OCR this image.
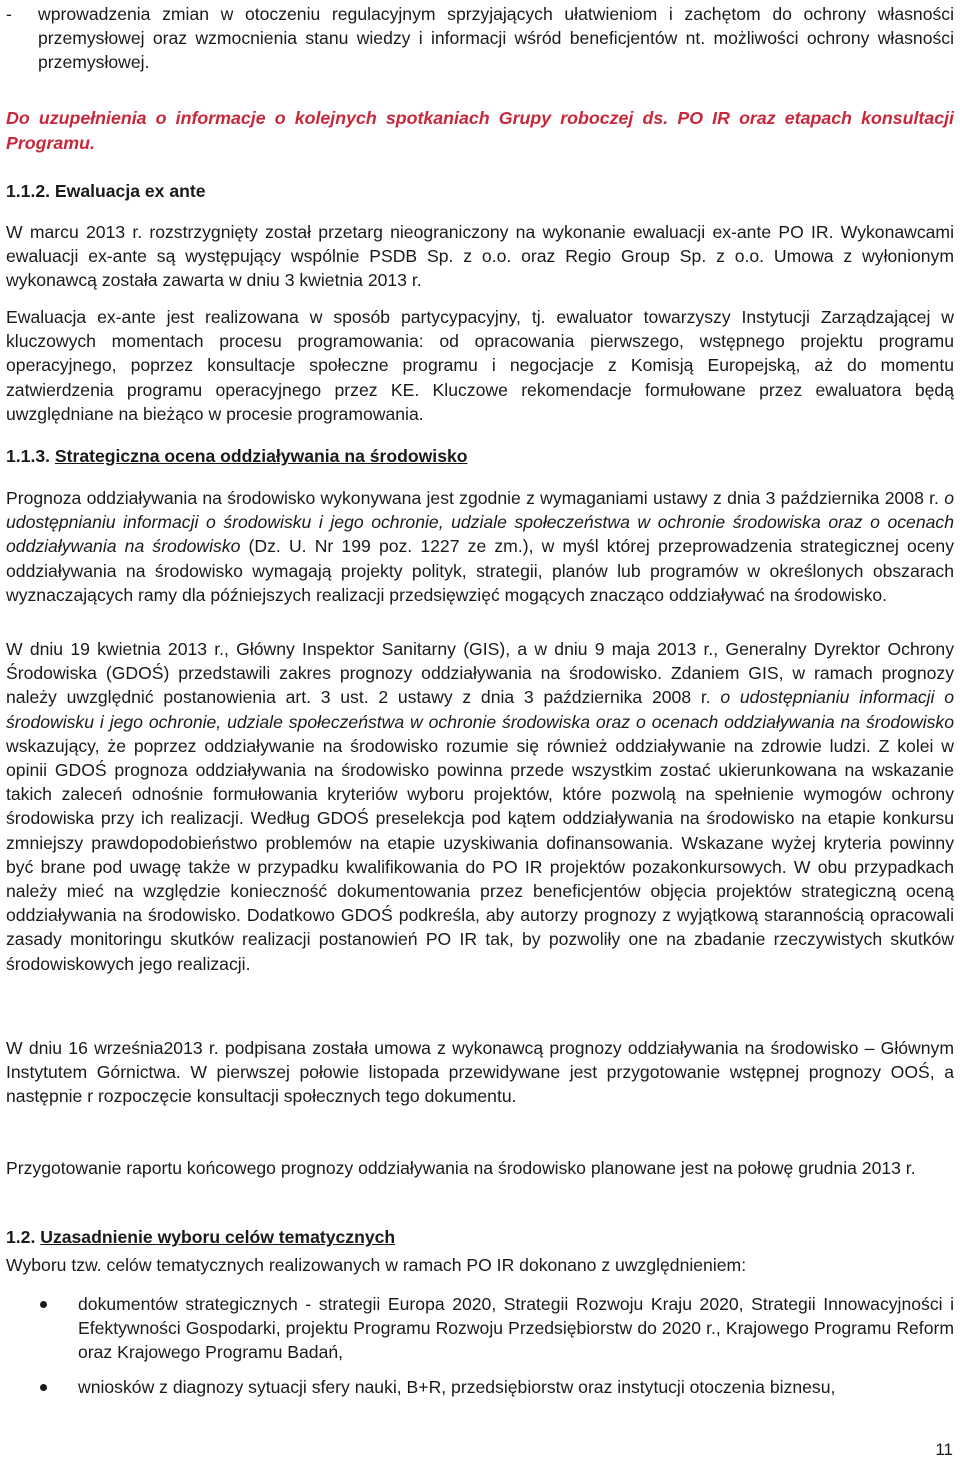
- wprowadzenia zmian w otoczeniu regulacyjnym sprzyjających ułatwieniom i zachętom do ochrony własności przemysłowej oraz wzmocnienia stanu wiedzy i informacji wśród beneficjentów nt. możliwości ochrony własności przemysłowej.

Do uzupełnienia o informacje o kolejnych spotkaniach Grupy roboczej ds. PO IR oraz etapach konsultacji Programu.

1.1.2. Ewaluacja ex ante

W marcu 2013 r. rozstrzygnięty został przetarg nieograniczony na wykonanie ewaluacji ex-ante PO IR. Wykonawcami ewaluacji ex-ante są występujący wspólnie PSDB Sp. z o.o. oraz Regio Group Sp. z o.o. Umowa z wyłonionym wykonawcą została zawarta w dniu 3 kwietnia 2013 r.

Ewaluacja ex-ante jest realizowana w sposób partycypacyjny, tj. ewaluator towarzyszy Instytucji Zarządzającej w kluczowych momentach procesu programowania: od opracowania pierwszego, wstępnego projektu programu operacyjnego, poprzez konsultacje społeczne programu i negocjacje z Komisją Europejską, aż do momentu zatwierdzenia programu operacyjnego przez KE. Kluczowe rekomendacje formułowane przez ewaluatora będą uwzględniane na bieżąco w procesie programowania.

1.1.3. Strategiczna ocena oddziaływania na środowisko

Prognoza oddziaływania na środowisko wykonywana jest zgodnie z wymaganiami ustawy z dnia 3 października 2008 r. o udostępnianiu informacji o środowisku i jego ochronie, udziale społeczeństwa w ochronie środowiska oraz o ocenach oddziaływania na środowisko (Dz. U. Nr 199 poz. 1227 ze zm.), w myśl której przeprowadzenia strategicznej oceny oddziaływania na środowisko wymagają projekty polityk, strategii, planów lub programów w określonych obszarach wyznaczających ramy dla późniejszych realizacji przedsięwzięć mogących znacząco oddziaływać na środowisko.

W dniu 19 kwietnia 2013 r., Główny Inspektor Sanitarny (GIS), a w dniu 9 maja 2013 r., Generalny Dyrektor Ochrony Środowiska (GDOŚ) przedstawili zakres prognozy oddziaływania na środowisko. Zdaniem GIS, w ramach prognozy należy uwzględnić postanowienia art. 3 ust. 2 ustawy z dnia 3 października 2008 r. o udostępnianiu informacji o środowisku i jego ochronie, udziale społeczeństwa w ochronie środowiska oraz o ocenach oddziaływania na środowisko wskazujący, że poprzez oddziaływanie na środowisko rozumie się również oddziaływanie na zdrowie ludzi. Z kolei w opinii GDOŚ prognoza oddziaływania na środowisko powinna przede wszystkim zostać ukierunkowana na wskazanie takich zaleceń odnośnie formułowania kryteriów wyboru projektów, które pozwolą na spełnienie wymogów ochrony środowiska przy ich realizacji. Według GDOŚ preselekcja pod kątem oddziaływania na środowisko na etapie konkursu zmniejszy prawdopodobieństwo problemów na etapie uzyskiwania dofinansowania. Wskazane wyżej kryteria powinny być brane pod uwagę także w przypadku kwalifikowania do PO IR projektów pozakonkursowych. W obu przypadkach należy mieć na względzie konieczność dokumentowania przez beneficjentów objęcia projektów strategiczną oceną oddziaływania na środowisko. Dodatkowo GDOŚ podkreśla, aby autorzy prognozy z wyjątkową starannością opracowali zasady monitoringu skutków realizacji postanowień PO IR tak, by pozwoliły one na zbadanie rzeczywistych skutków środowiskowych jego realizacji.

W dniu 16 września2013 r. podpisana została umowa z wykonawcą prognozy oddziaływania na środowisko – Głównym Instytutem Górnictwa. W pierwszej połowie listopada przewidywane jest przygotowanie wstępnej prognozy OOŚ, a następnie r rozpoczęcie konsultacji społecznych tego dokumentu.

Przygotowanie raportu końcowego prognozy oddziaływania na środowisko planowane jest na połowę grudnia 2013 r.

1.2. Uzasadnienie wyboru celów tematycznych

Wyboru tzw. celów tematycznych realizowanych w ramach PO IR dokonano z uwzględnieniem:

dokumentów strategicznych - strategii Europa 2020, Strategii Rozwoju Kraju 2020, Strategii Innowacyjności i Efektywności Gospodarki, projektu Programu Rozwoju Przedsiębiorstw do 2020 r., Krajowego Programu Reform oraz Krajowego Programu Badań,

wniosków z diagnozy sytuacji sfery nauki, B+R, przedsiębiorstw oraz instytucji otoczenia biznesu,

11
